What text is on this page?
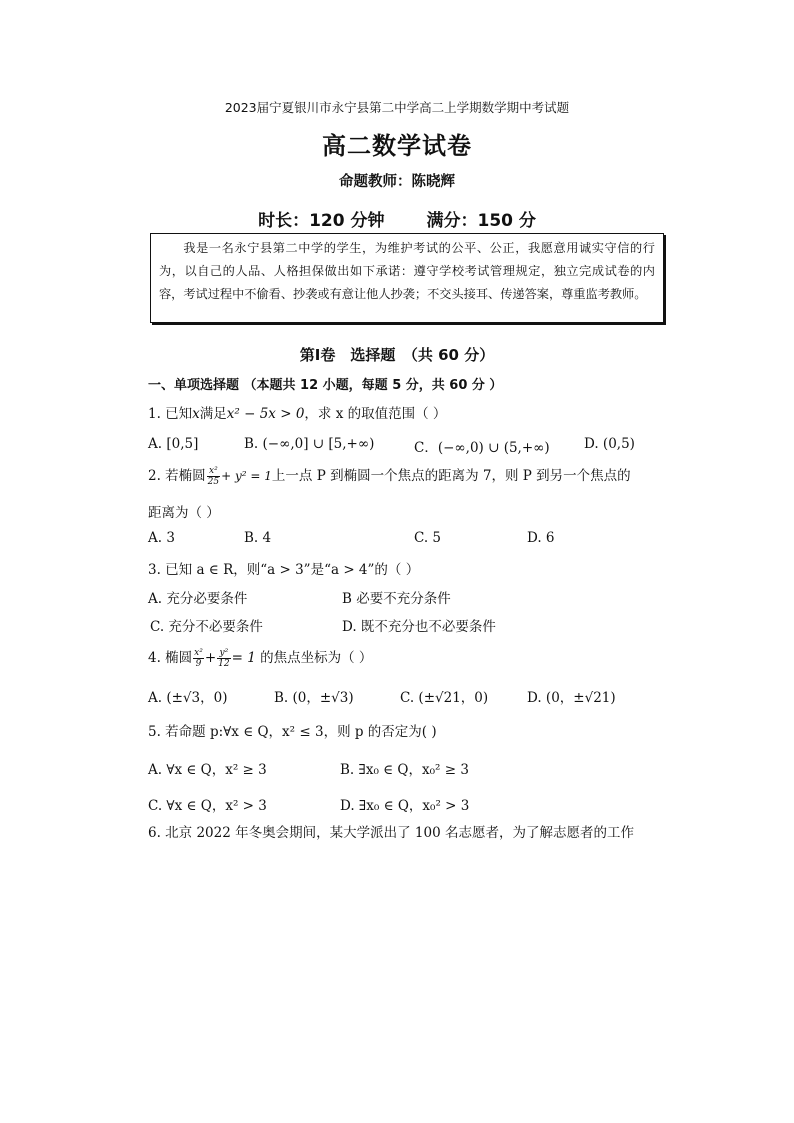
2023届宁夏银川市永宁县第二中学高二上学期数学期中考试题
高二数学试卷
命题教师：陈晓辉
时长：120 分钟 满分：150 分

我是一名永宁县第二中学的学生，为维护考试的公平、公正，我愿意用诚实守信的行为，以自己的人品、人格担保做出如下承诺：遵守学校考试管理规定，独立完成试卷的内容，考试过程中不偷看、抄袭或有意让他人抄袭；不交头接耳、传递答案，尊重监考教师。

第Ⅰ卷　选择题　（共 60 分）
一、单项选择题 （本题共 12 小题，每题 5 分，共 60 分 ）
1. 已知x满足x² − 5x > 0，求 x 的取值范围（ ）
A. [0,5]	B. (−∞,0] ∪ [5,+∞)	C．(−∞,0) ∪ (5,+∞)	D. (0,5)
2. 若椭圆 $\frac{\text{x²}}{25} + y^2 = 1$上一点 P 到椭圆一个焦点的距离为 7，则 P 到另一个焦点的
距离为（ ）
A. 3	B. 4	C. 5	D. 6
3. 已知 a ∈ R，则“a > 3”是“a > 4”的（ ）
A. 充分必要条件	B 必要不充分条件
C. 充分不必要条件	D. 既不充分也不必要条件
4. 椭圆 $\frac{\text{x²}}{9} + \frac{\text{y²}}{12} = 1$ 的焦点坐标为（ ）
A. (±√3，0)	B. (0，±√3)	C. (±√21，0)	D. (0，±√21)
5. 若命题 p:∀x ∈ Q，x² ≤ 3，则 p 的否定为( )
A. ∀x ∈ Q，x² ≥ 3	B. ∃x₀ ∈ Q，x₀² ≥ 3
C. ∀x ∈ Q，x² > 3	D. ∃x₀ ∈ Q，x₀² > 3
6. 北京 2022 年冬奥会期间，某大学派出了 100 名志愿者，为了解志愿者的工作
